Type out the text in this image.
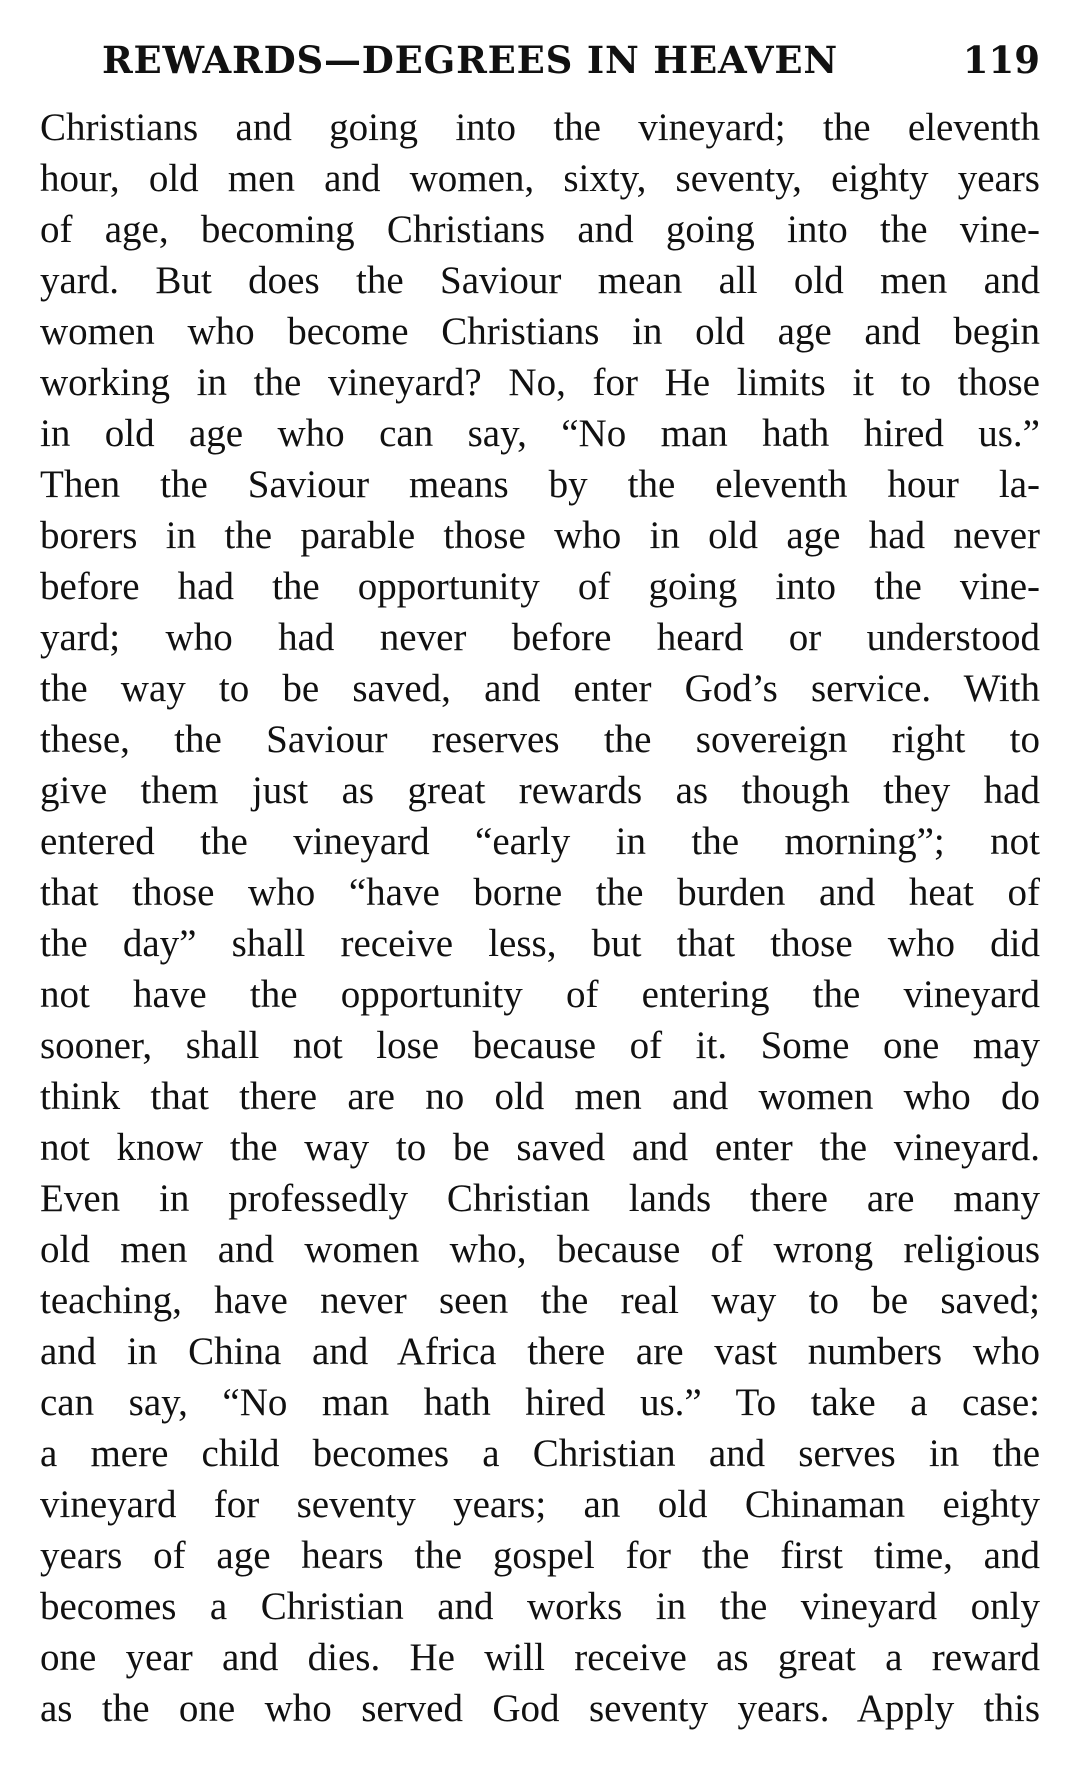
REWARDS—DEGREES IN HEAVEN	119
Christians and going into the vineyard; the eleventh
hour, old men and women, sixty, seventy, eighty years
of age, becoming Christians and going into the vine-
yard. But does the Saviour mean all old men and
women who become Christians in old age and begin
working in the vineyard? No, for He limits it to those
in old age who can say, “No man hath hired us.”
Then the Saviour means by the eleventh hour la-
borers in the parable those who in old age had never
before had the opportunity of going into the vine-
yard; who had never before heard or understood
the way to be saved, and enter God’s service. With
these, the Saviour reserves the sovereign right to
give them just as great rewards as though they had
entered the vineyard “early in the morning”; not
that those who “have borne the burden and heat of
the day” shall receive less, but that those who did
not have the opportunity of entering the vineyard
sooner, shall not lose because of it. Some one may
think that there are no old men and women who do
not know the way to be saved and enter the vineyard.
Even in professedly Christian lands there are many
old men and women who, because of wrong religious
teaching, have never seen the real way to be saved;
and in China and Africa there are vast numbers who
can say, “No man hath hired us.” To take a case:
a mere child becomes a Christian and serves in the
vineyard for seventy years; an old Chinaman eighty
years of age hears the gospel for the first time, and
becomes a Christian and works in the vineyard only
one year and dies. He will receive as great a reward
as the one who served God seventy years. Apply this
